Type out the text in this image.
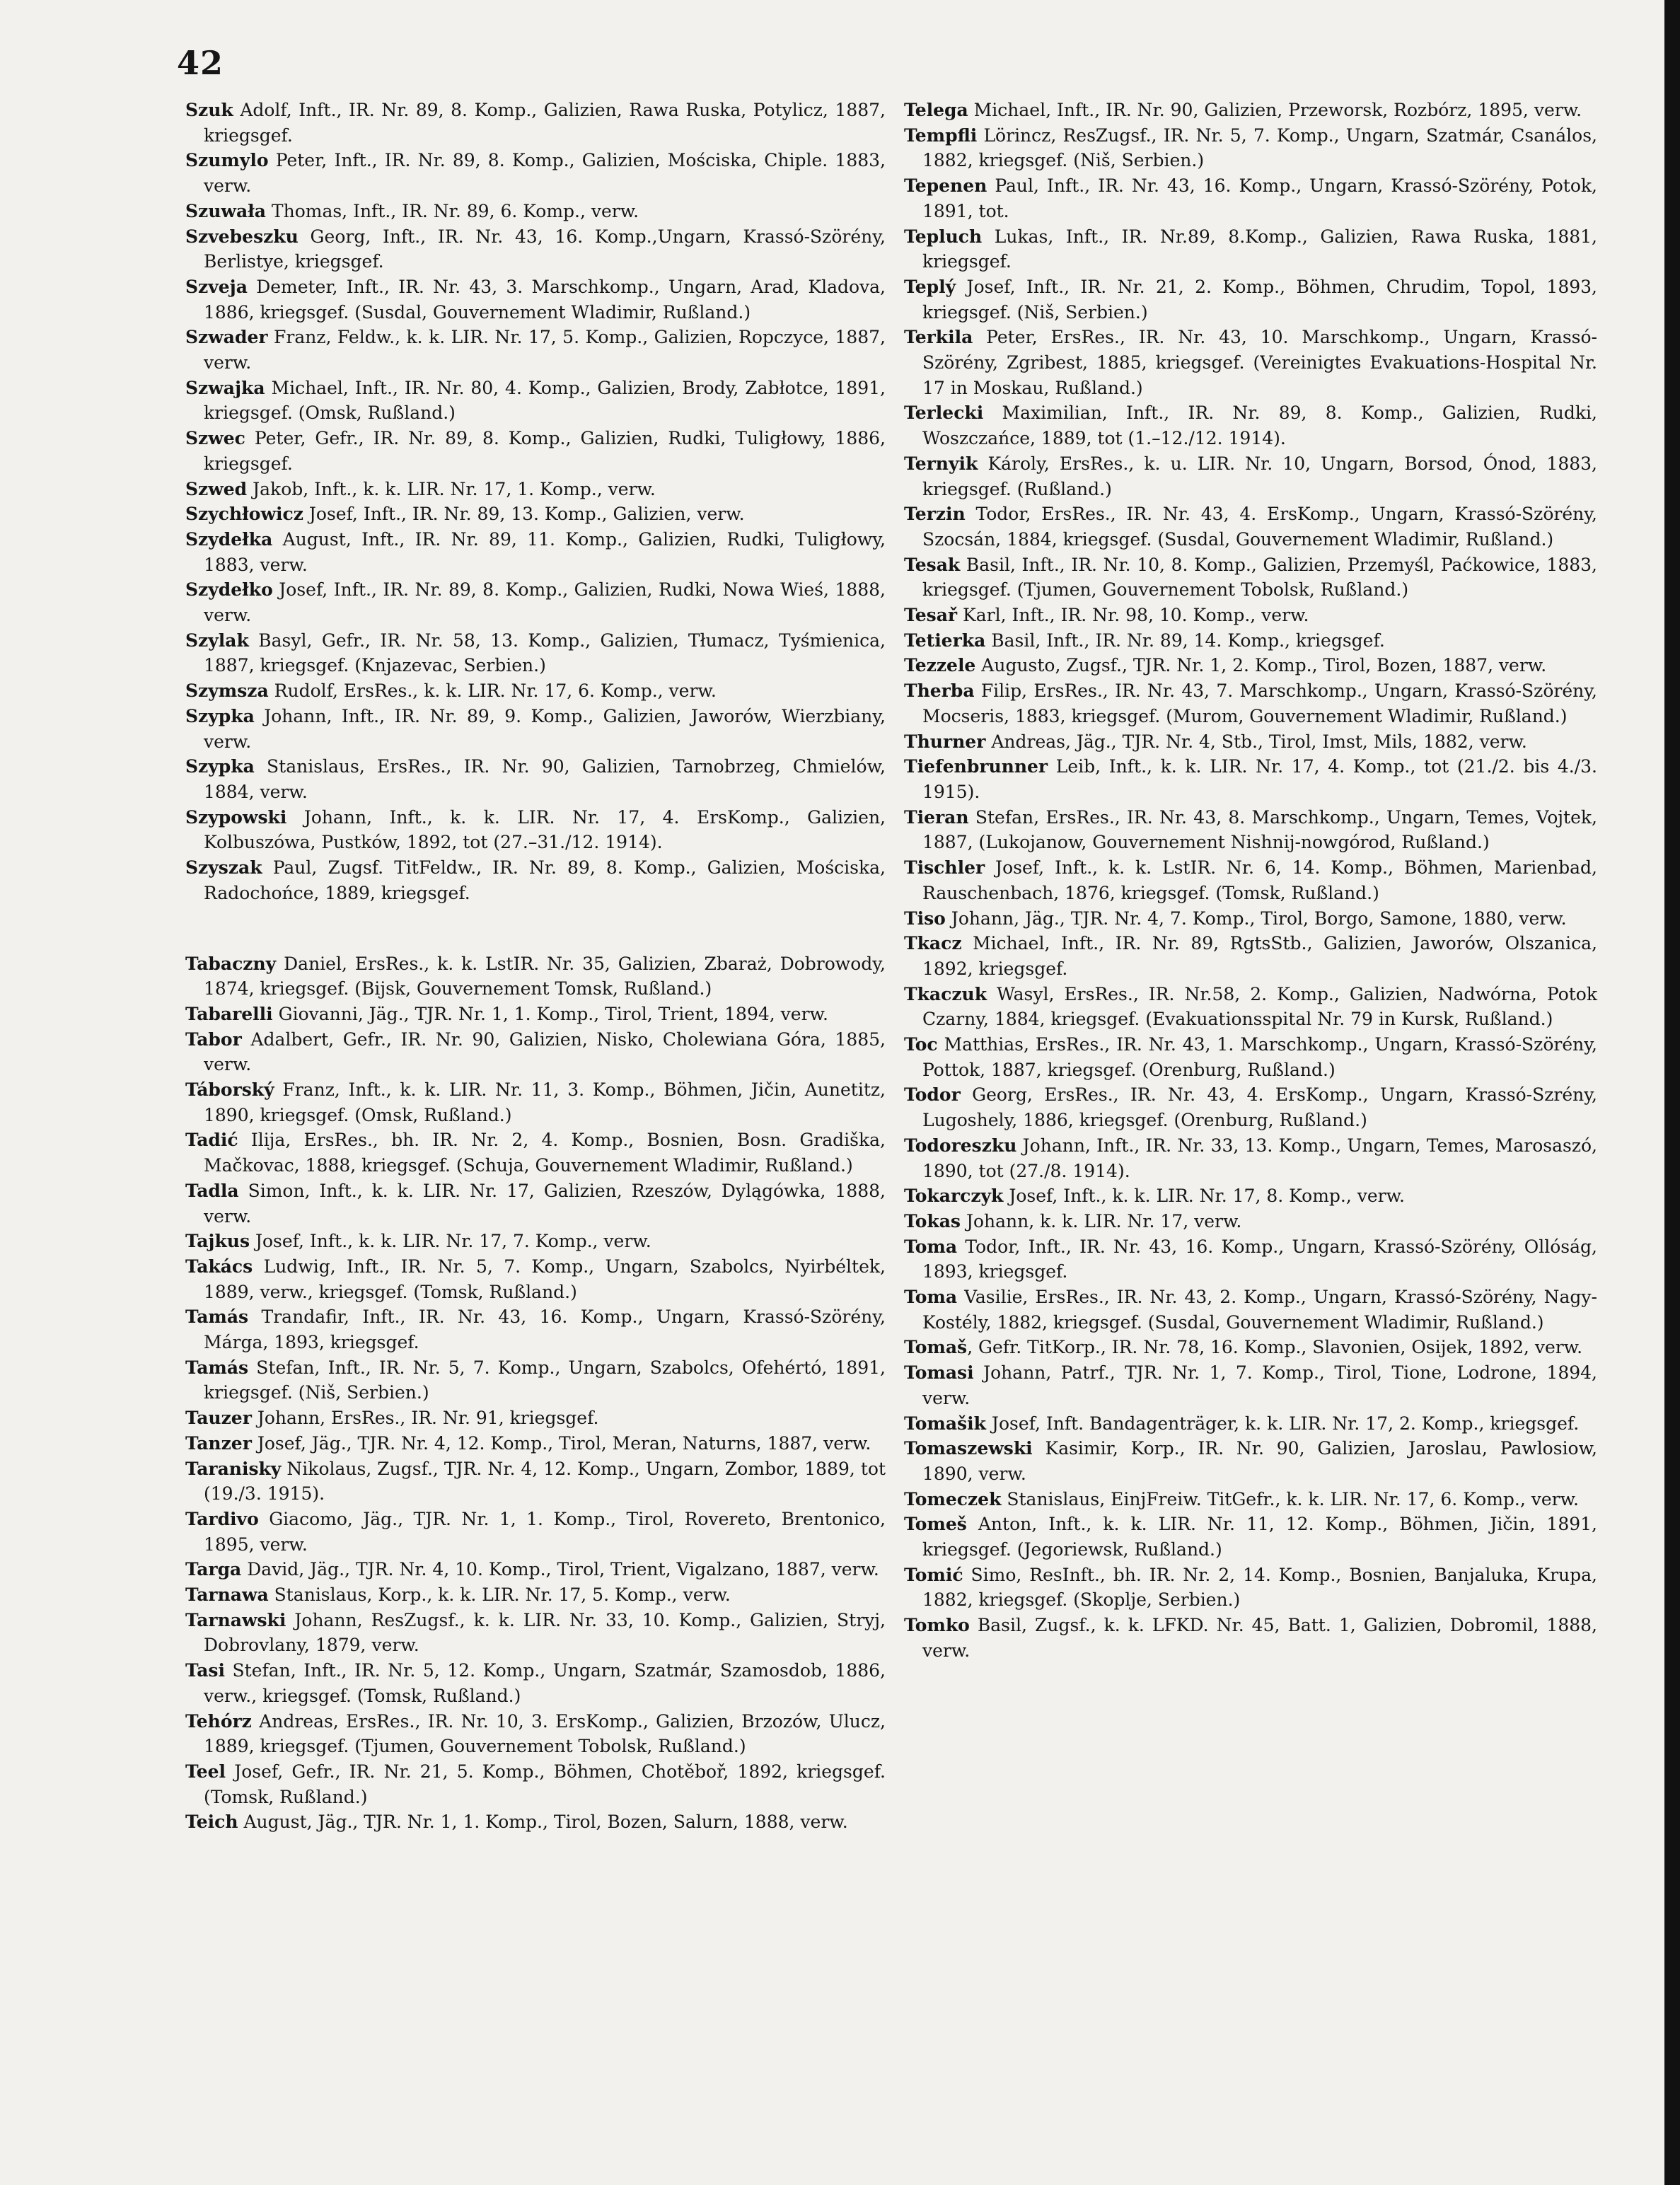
42
Szuk Adolf, Inft., IR. Nr. 89, 8. Komp., Galizien, Rawa Ruska, Potylicz, 1887, kriegsgef.
Szumylo Peter, Inft., IR. Nr. 89, 8. Komp., Galizien, Mościska, Chiple. 1883, verw.
Szuwała Thomas, Inft., IR. Nr. 89, 6. Komp., verw.
Szvebeszku Georg, Inft., IR. Nr. 43, 16. Komp.,Ungarn, Krassó-Szörény, Berlistye, kriegsgef.
Szveja Demeter, Inft., IR. Nr. 43, 3. Marschkomp., Ungarn, Arad, Kladova, 1886, kriegsgef. (Susdal, Gouvernement Wladimir, Rußland.)
Szwader Franz, Feldw., k. k. LIR. Nr. 17, 5. Komp., Galizien, Ropczyce, 1887, verw.
Szwajka Michael, Inft., IR. Nr. 80, 4. Komp., Galizien, Brody, Zabłotce, 1891, kriegsgef. (Omsk, Rußland.)
Szwec Peter, Gefr., IR. Nr. 89, 8. Komp., Galizien, Rudki, Tuligłowy, 1886, kriegsgef.
Szwed Jakob, Inft., k. k. LIR. Nr. 17, 1. Komp., verw.
Szychłowicz Josef, Inft., IR. Nr. 89, 13. Komp., Galizien, verw.
Szydełka August, Inft., IR. Nr. 89, 11. Komp., Galizien, Rudki, Tuligłowy, 1883, verw.
Szydełko Josef, Inft., IR. Nr. 89, 8. Komp., Galizien, Rudki, Nowa Wieś, 1888, verw.
Szylak Basyl, Gefr., IR. Nr. 58, 13. Komp., Galizien, Tłumacz, Tyśmienica, 1887, kriegsgef. (Knjazevac, Serbien.)
Szymsza Rudolf, ErsRes., k. k. LIR. Nr. 17, 6. Komp., verw.
Szypka Johann, Inft., IR. Nr. 89, 9. Komp., Galizien, Jaworów, Wierzbiany, verw.
Szypka Stanislaus, ErsRes., IR. Nr. 90, Galizien, Tarnobrzeg, Chmielów, 1884, verw.
Szypowski Johann, Inft., k. k. LIR. Nr. 17, 4. ErsKomp., Galizien, Kolbuszówa, Pustków, 1892, tot (27.–31./12. 1914).
Szyszak Paul, Zugsf. TitFeldw., IR. Nr. 89, 8. Komp., Galizien, Mościska, Radochońce, 1889, kriegsgef.
Tabaczny Daniel, ErsRes., k. k. LstIR. Nr. 35, Galizien, Zbaraż, Dobrowody, 1874, kriegsgef. (Bijsk, Gouvernement Tomsk, Rußland.)
Tabarelli Giovanni, Jäg., TJR. Nr. 1, 1. Komp., Tirol, Trient, 1894, verw.
Tabor Adalbert, Gefr., IR. Nr. 90, Galizien, Nisko, Cholewiana Góra, 1885, verw.
Táborský Franz, Inft., k. k. LIR. Nr. 11, 3. Komp., Böhmen, Jičin, Aunetitz, 1890, kriegsgef. (Omsk, Rußland.)
Tadić Ilija, ErsRes., bh. IR. Nr. 2, 4. Komp., Bosnien, Bosn. Gradiška, Mačkovac, 1888, kriegsgef. (Schuja, Gouvernement Wladimir, Rußland.)
Tadla Simon, Inft., k. k. LIR. Nr. 17, Galizien, Rzeszów, Dylągówka, 1888, verw.
Tajkus Josef, Inft., k. k. LIR. Nr. 17, 7. Komp., verw.
Takács Ludwig, Inft., IR. Nr. 5, 7. Komp., Ungarn, Szabolcs, Nyirbéltek, 1889, verw., kriegsgef. (Tomsk, Rußland.)
Tamás Trandafir, Inft., IR. Nr. 43, 16. Komp., Ungarn, Krassó-Szörény, Márga, 1893, kriegsgef.
Tamás Stefan, Inft., IR. Nr. 5, 7. Komp., Ungarn, Szabolcs, Ofehértó, 1891, kriegsgef. (Niš, Serbien.)
Tauzer Johann, ErsRes., IR. Nr. 91, kriegsgef.
Tanzer Josef, Jäg., TJR. Nr. 4, 12. Komp., Tirol, Meran, Naturns, 1887, verw.
Taranisky Nikolaus, Zugsf., TJR. Nr. 4, 12. Komp., Ungarn, Zombor, 1889, tot (19./3. 1915).
Tardivo Giacomo, Jäg., TJR. Nr. 1, 1. Komp., Tirol, Rovereto, Brentonico, 1895, verw.
Targa David, Jäg., TJR. Nr. 4, 10. Komp., Tirol, Trient, Vigalzano, 1887, verw.
Tarnawa Stanislaus, Korp., k. k. LIR. Nr. 17, 5. Komp., verw.
Tarnawski Johann, ResZugsf., k. k. LIR. Nr. 33, 10. Komp., Galizien, Stryj, Dobrovlany, 1879, verw.
Tasi Stefan, Inft., IR. Nr. 5, 12. Komp., Ungarn, Szatmár, Szamosdob, 1886, verw., kriegsgef. (Tomsk, Rußland.)
Tehórz Andreas, ErsRes., IR. Nr. 10, 3. ErsKomp., Galizien, Brzozów, Ulucz, 1889, kriegsgef. (Tjumen, Gouvernement Tobolsk, Rußland.)
Teel Josef, Gefr., IR. Nr. 21, 5. Komp., Böhmen, Chotěboř, 1892, kriegsgef. (Tomsk, Rußland.)
Teich August, Jäg., TJR. Nr. 1, 1. Komp., Tirol, Bozen, Salurn, 1888, verw.
Telega Michael, Inft., IR. Nr. 90, Galizien, Przeworsk, Rozbórz, 1895, verw.
Tempfli Lörincz, ResZugsf., IR. Nr. 5, 7. Komp., Ungarn, Szatmár, Csanálos, 1882, kriegsgef. (Niš, Serbien.)
Tepenen Paul, Inft., IR. Nr. 43, 16. Komp., Ungarn, Krassó-Szörény, Potok, 1891, tot.
Tepluch Lukas, Inft., IR. Nr.89, 8.Komp., Galizien, Rawa Ruska, 1881, kriegsgef.
Teplý Josef, Inft., IR. Nr. 21, 2. Komp., Böhmen, Chrudim, Topol, 1893, kriegsgef. (Niš, Serbien.)
Terkila Peter, ErsRes., IR. Nr. 43, 10. Marschkomp., Ungarn, Krassó-Szörény, Zgribest, 1885, kriegsgef. (Vereinigtes Evakuations-Hospital Nr. 17 in Moskau, Rußland.)
Terlecki Maximilian, Inft., IR. Nr. 89, 8. Komp., Galizien, Rudki, Woszczańce, 1889, tot (1.–12./12. 1914).
Ternyik Károly, ErsRes., k. u. LIR. Nr. 10, Ungarn, Borsod, Ónod, 1883, kriegsgef. (Rußland.)
Terzin Todor, ErsRes., IR. Nr. 43, 4. ErsKomp., Ungarn, Krassó-Szörény, Szocsán, 1884, kriegsgef. (Susdal, Gouvernement Wladimir, Rußland.)
Tesak Basil, Inft., IR. Nr. 10, 8. Komp., Galizien, Przemyśl, Paćkowice, 1883, kriegsgef. (Tjumen, Gouvernement Tobolsk, Rußland.)
Tesař Karl, Inft., IR. Nr. 98, 10. Komp., verw.
Tetierka Basil, Inft., IR. Nr. 89, 14. Komp., kriegsgef.
Tezzele Augusto, Zugsf., TJR. Nr. 1, 2. Komp., Tirol, Bozen, 1887, verw.
Therba Filip, ErsRes., IR. Nr. 43, 7. Marschkomp., Ungarn, Krassó-Szörény, Mocseris, 1883, kriegsgef. (Murom, Gouvernement Wladimir, Rußland.)
Thurner Andreas, Jäg., TJR. Nr. 4, Stb., Tirol, Imst, Mils, 1882, verw.
Tiefenbrunner Leib, Inft., k. k. LIR. Nr. 17, 4. Komp., tot (21./2. bis 4./3. 1915).
Tieran Stefan, ErsRes., IR. Nr. 43, 8. Marschkomp., Ungarn, Temes, Vojtek, 1887, (Lukojanow, Gouvernement Nishnij-nowgórod, Rußland.)
Tischler Josef, Inft., k. k. LstIR. Nr. 6, 14. Komp., Böhmen, Marienbad, Rauschenbach, 1876, kriegsgef. (Tomsk, Rußland.)
Tiso Johann, Jäg., TJR. Nr. 4, 7. Komp., Tirol, Borgo, Samone, 1880, verw.
Tkacz Michael, Inft., IR. Nr. 89, RgtsStb., Galizien, Jaworów, Olszanica, 1892, kriegsgef.
Tkaczuk Wasyl, ErsRes., IR. Nr.58, 2. Komp., Galizien, Nadwórna, Potok Czarny, 1884, kriegsgef. (Evakuationsspital Nr. 79 in Kursk, Rußland.)
Toc Matthias, ErsRes., IR. Nr. 43, 1. Marschkomp., Ungarn, Krassó-Szörény, Pottok, 1887, kriegsgef. (Orenburg, Rußland.)
Todor Georg, ErsRes., IR. Nr. 43, 4. ErsKomp., Ungarn, Krassó-Szrény, Lugoshely, 1886, kriegsgef. (Orenburg, Rußland.)
Todoreszku Johann, Inft., IR. Nr. 33, 13. Komp., Ungarn, Temes, Marosaszó, 1890, tot (27./8. 1914).
Tokarczyk Josef, Inft., k. k. LIR. Nr. 17, 8. Komp., verw.
Tokas Johann, k. k. LIR. Nr. 17, verw.
Toma Todor, Inft., IR. Nr. 43, 16. Komp., Ungarn, Krassó-Szörény, Ollóság, 1893, kriegsgef.
Toma Vasilie, ErsRes., IR. Nr. 43, 2. Komp., Ungarn, Krassó-Szörény, Nagy-Kostély, 1882, kriegsgef. (Susdal, Gouvernement Wladimir, Rußland.)
Tomaš, Gefr. TitKorp., IR. Nr. 78, 16. Komp., Slavonien, Osijek, 1892, verw.
Tomasi Johann, Patrf., TJR. Nr. 1, 7. Komp., Tirol, Tione, Lodrone, 1894, verw.
Tomašik Josef, Inft. Bandagenträger, k. k. LIR. Nr. 17, 2. Komp., kriegsgef.
Tomaszewski Kasimir, Korp., IR. Nr. 90, Galizien, Jaroslau, Pawlosiow, 1890, verw.
Tomeczek Stanislaus, EinjFreiw. TitGefr., k. k. LIR. Nr. 17, 6. Komp., verw.
Tomeš Anton, Inft., k. k. LIR. Nr. 11, 12. Komp., Böhmen, Jičin, 1891, kriegsgef. (Jegoriewsk, Rußland.)
Tomić Simo, ResInft., bh. IR. Nr. 2, 14. Komp., Bosnien, Banjaluka, Krupa, 1882, kriegsgef. (Skoplje, Serbien.)
Tomko Basil, Zugsf., k. k. LFKD. Nr. 45, Batt. 1, Galizien, Dobromil, 1888, verw.
